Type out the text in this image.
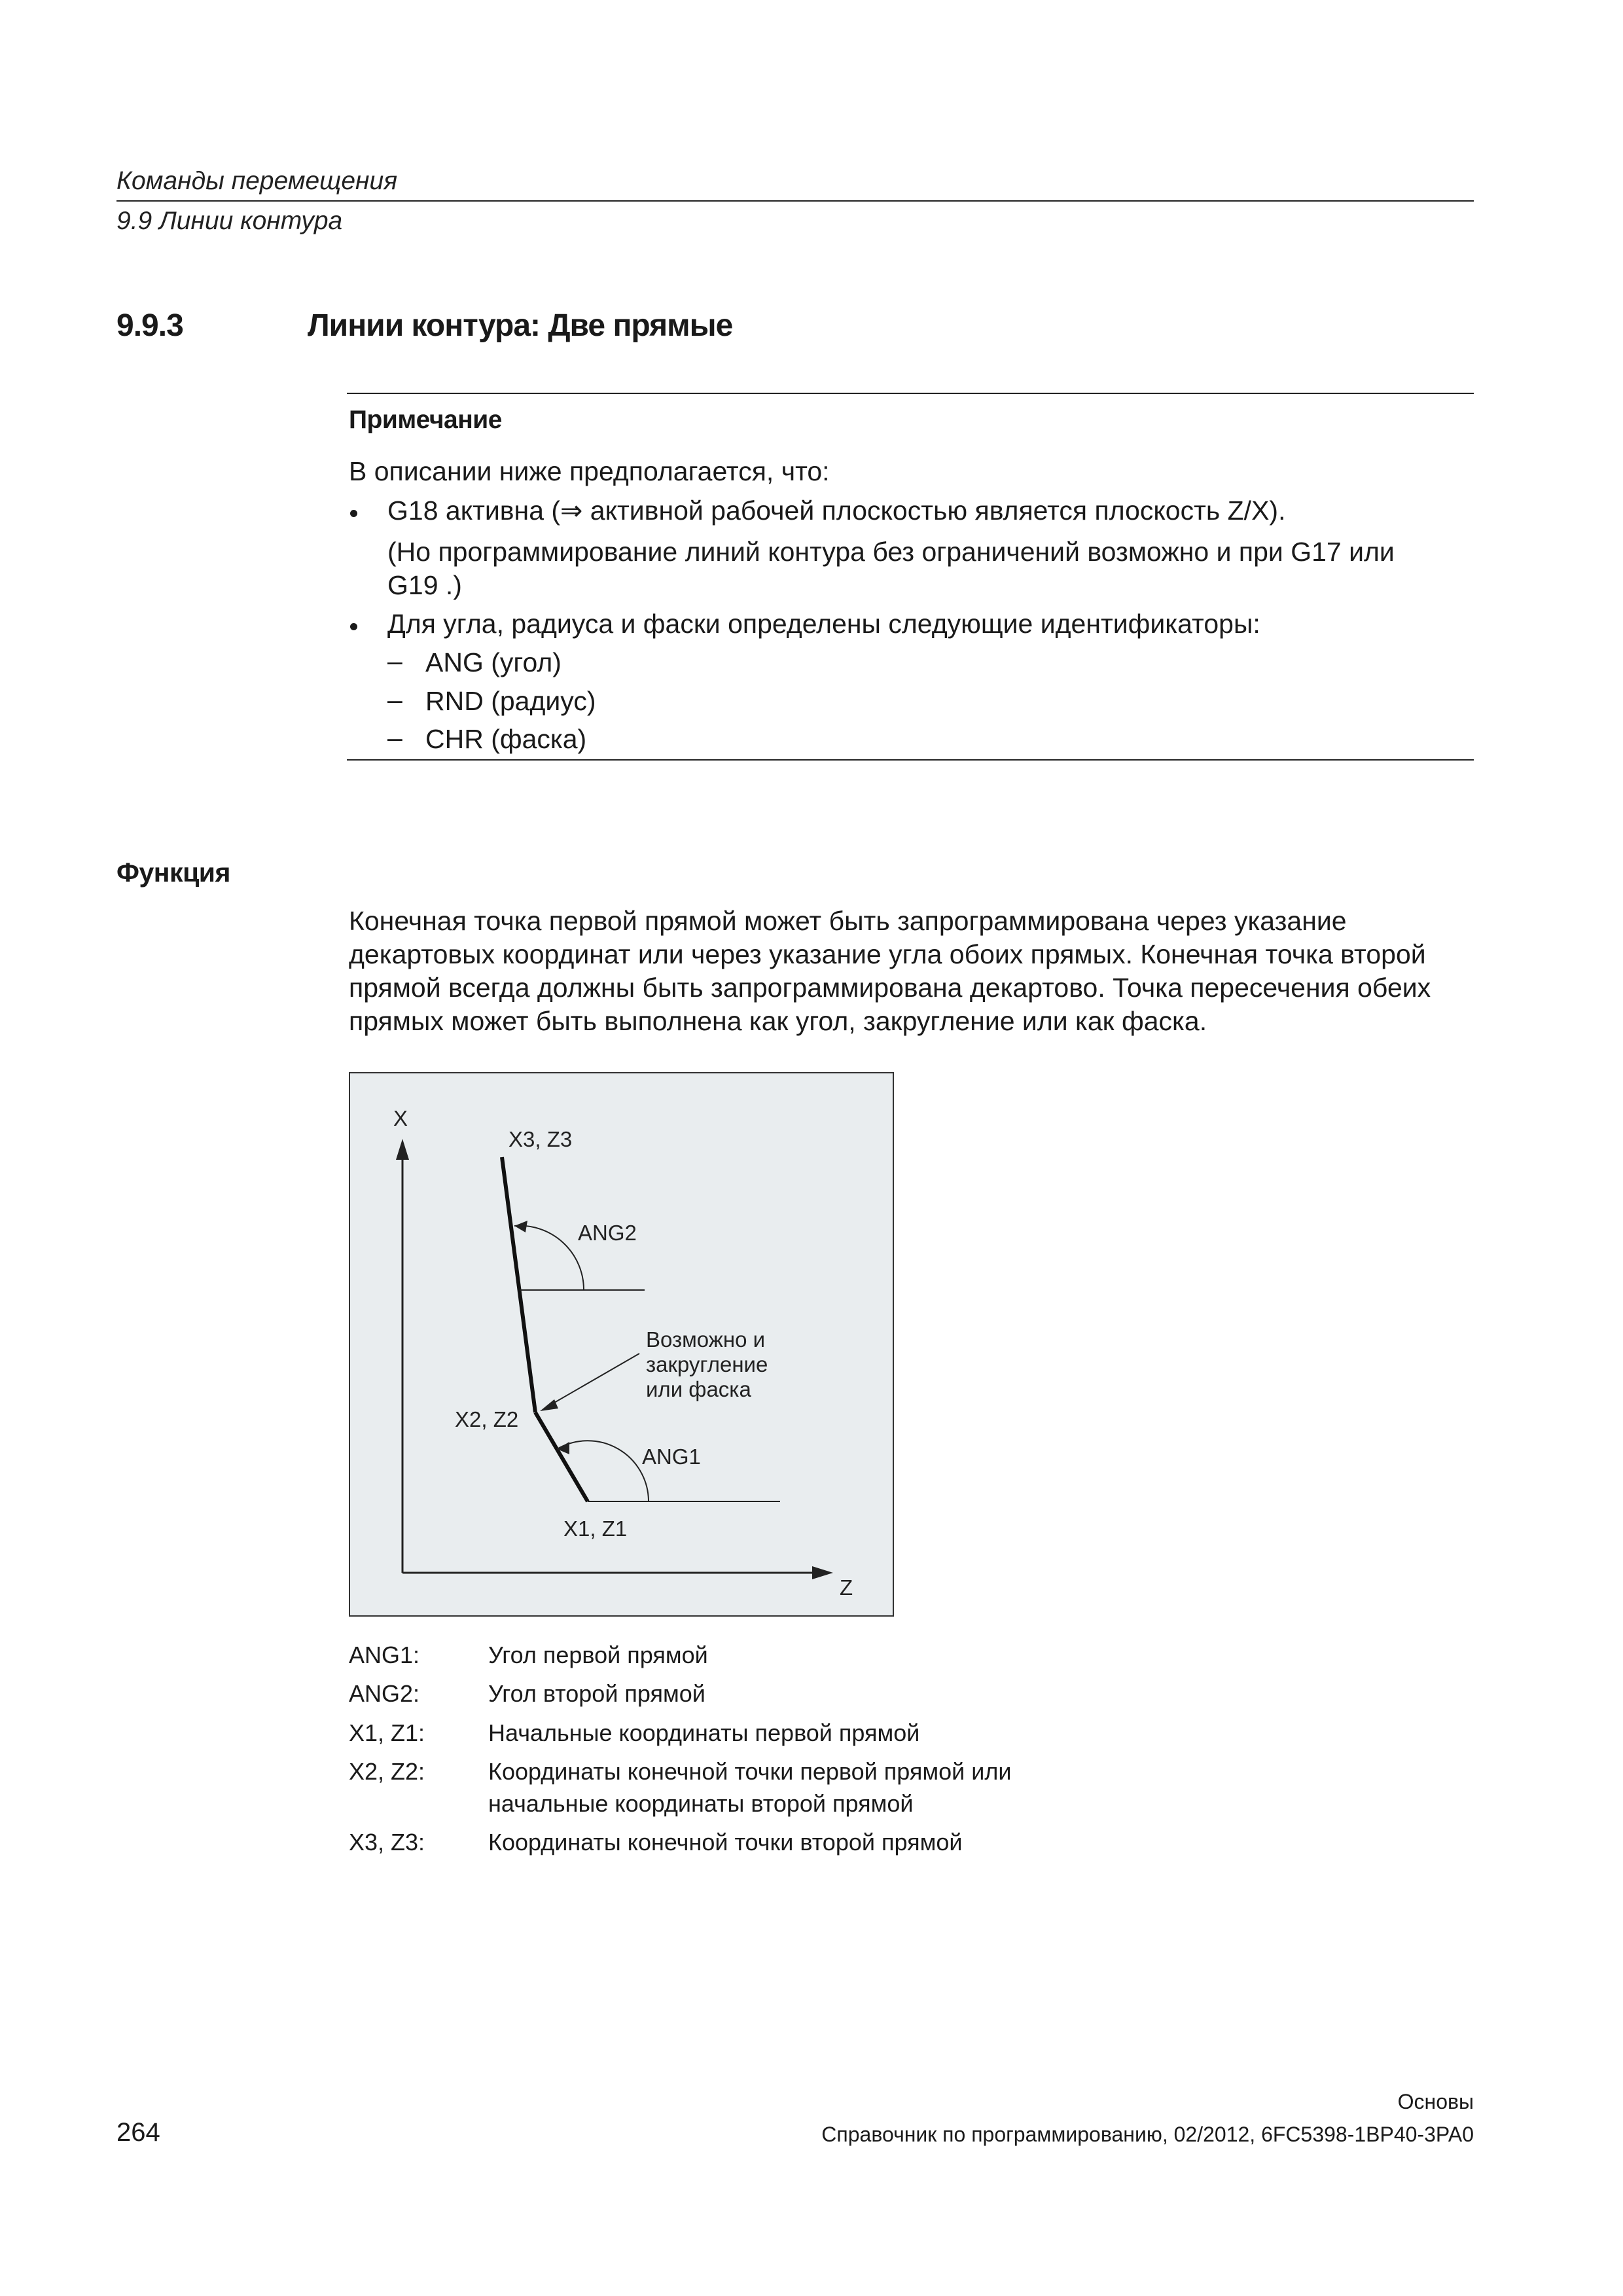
Команды перемещения
9.9 Линии контура
9.9.3	Линии контура: Две прямые
Примечание
В описании ниже предполагается, что:
G18 активна (⇒ активной рабочей плоскостью является плоскость Z/X).
(Но программирование линий контура без ограничений возможно и при G17 или
G19 .)
Для угла, радиуса и фаски определены следующие идентификаторы:
– ANG (угол)
– RND (радиус)
– CHR (фаска)
Функция
Конечная точка первой прямой может быть запрограммирована через указание
декартовых координат или через указание угла обоих прямых. Конечная точка второй
прямой всегда должны быть запрограммирована декартово. Точка пересечения обеих
прямых может быть выполнена как угол, закругление или как фаска.
X
Z
X3, Z3
ANG2
Возможно и
закругление
или фаска
X2, Z2
ANG1
X1, Z1
ANG1:	Угол первой прямой
ANG2:	Угол второй прямой
X1, Z1:	Начальные координаты первой прямой
X2, Z2:	Координаты конечной точки первой прямой или
начальные координаты второй прямой
X3, Z3:	Координаты конечной точки второй прямой
Основы
264	Справочник по программированию, 02/2012, 6FC5398-1BP40-3PA0
